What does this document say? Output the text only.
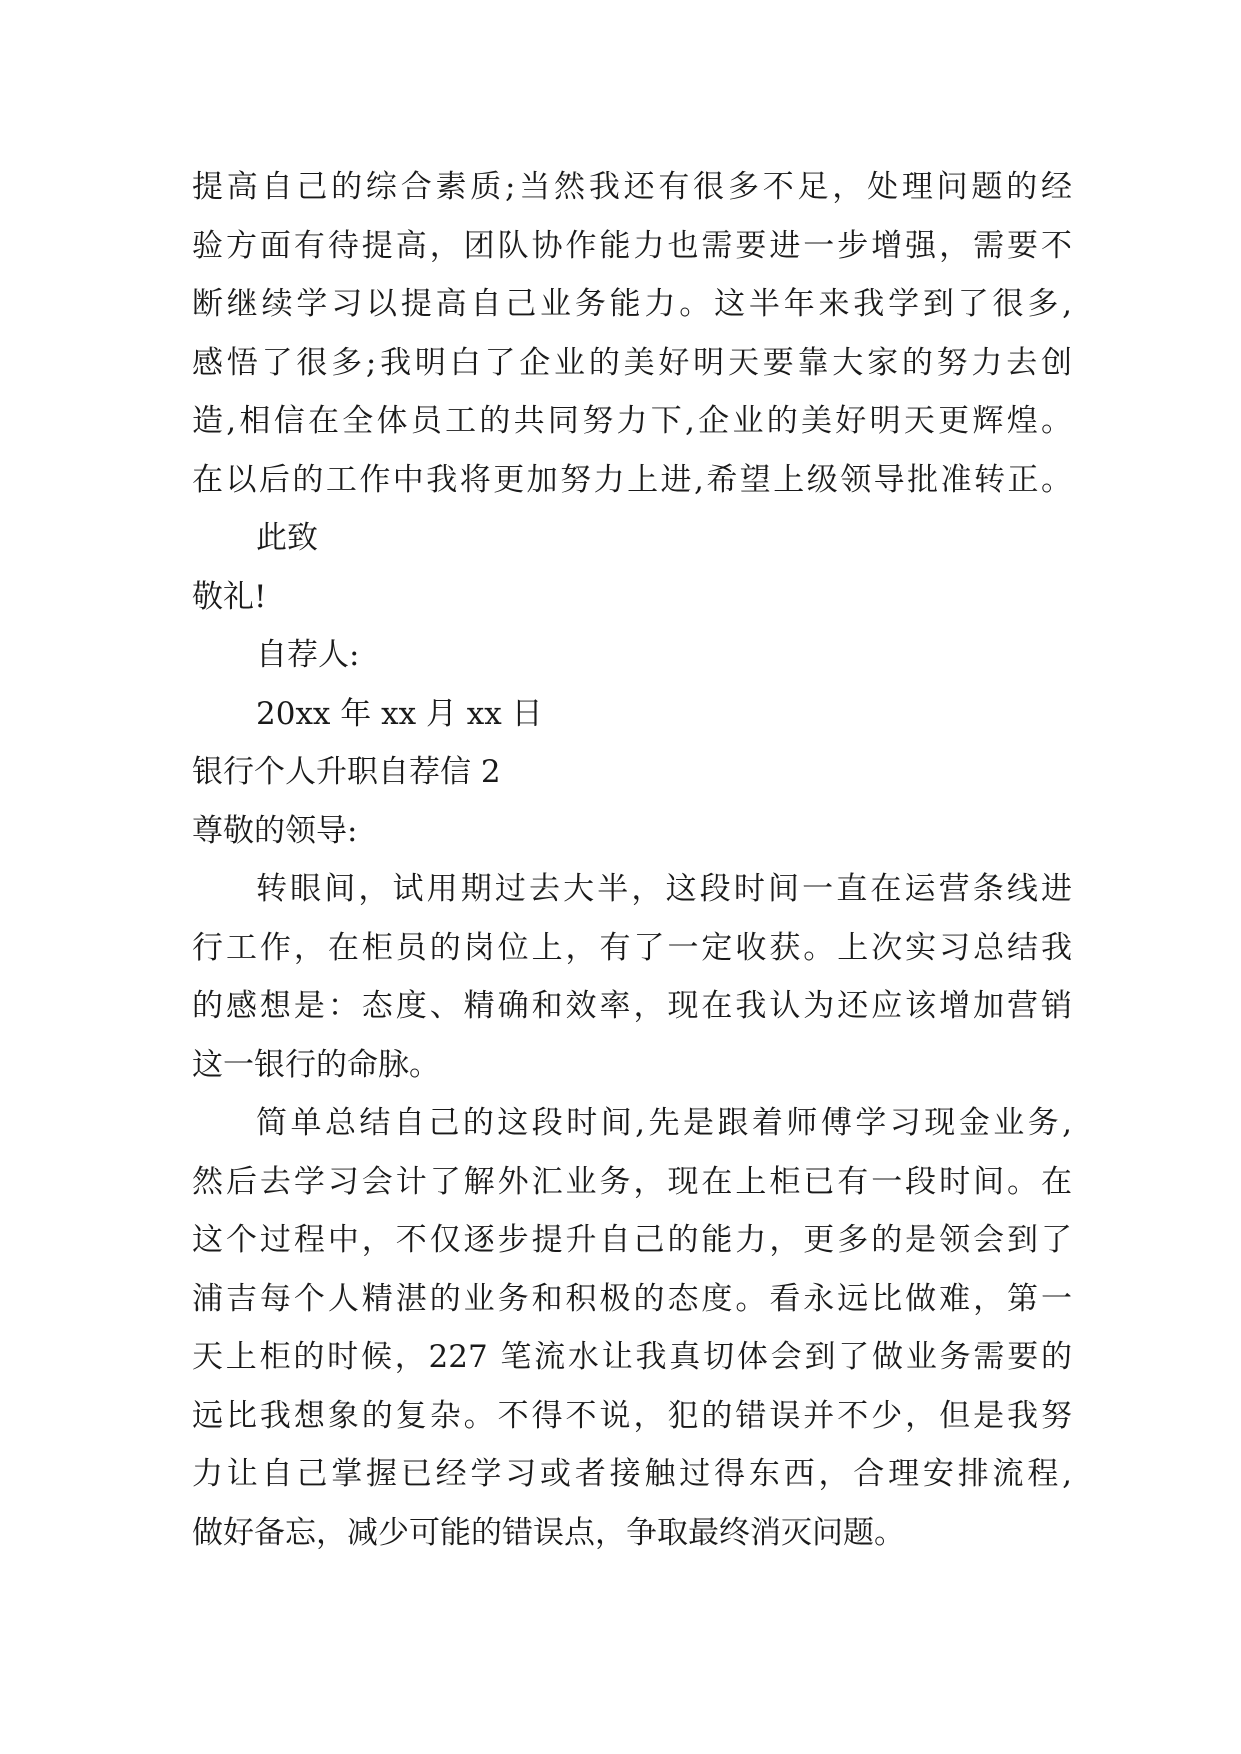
提高自己的综合素质;当然我还有很多不足，处理问题的经
验方面有待提高，团队协作能力也需要进一步增强，需要不
断继续学习以提高自己业务能力。这半年来我学到了很多,
感悟了很多;我明白了企业的美好明天要靠大家的努力去创
造,相信在全体员工的共同努力下,企业的美好明天更辉煌。
在以后的工作中我将更加努力上进,希望上级领导批准转正。
此致
敬礼!
自荐人:
20xx 年 xx 月 xx 日
银行个人升职自荐信 2
尊敬的领导:
转眼间，试用期过去大半，这段时间一直在运营条线进
行工作，在柜员的岗位上，有了一定收获。上次实习总结我
的感想是：态度、精确和效率，现在我认为还应该增加营销
这一银行的命脉。
简单总结自己的这段时间,先是跟着师傅学习现金业务,
然后去学习会计了解外汇业务，现在上柜已有一段时间。在
这个过程中，不仅逐步提升自己的能力，更多的是领会到了
浦吉每个人精湛的业务和积极的态度。看永远比做难，第一
天上柜的时候，227 笔流水让我真切体会到了做业务需要的
远比我想象的复杂。不得不说，犯的错误并不少，但是我努
力让自己掌握已经学习或者接触过得东西，合理安排流程,
做好备忘，减少可能的错误点，争取最终消灭问题。
